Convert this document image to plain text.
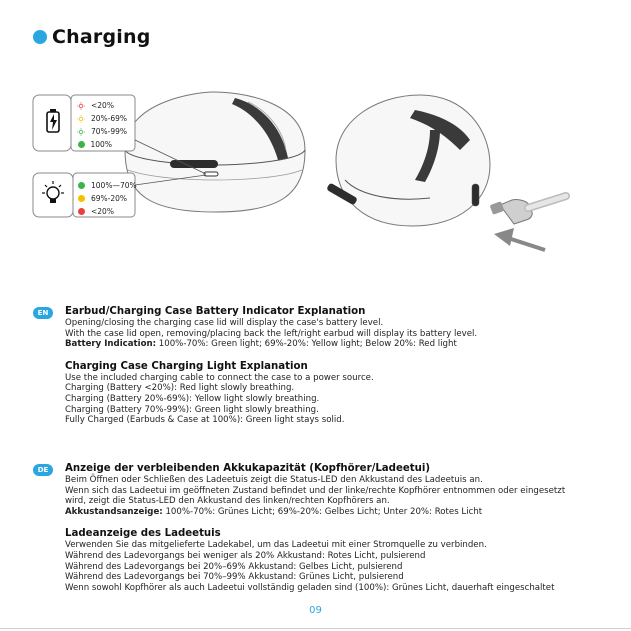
Charging
<20%
20%-69%
70%-99%
100%
100%—70%
69%-20%
<20%
EN	Earbud/Charging Case Battery Indicator Explanation
Opening/closing the charging case lid will display the case's battery level.
With the case lid open, removing/placing back the left/right earbud will display its battery level.
Battery Indication: 100%-70%: Green light; 69%-20%: Yellow light; Below 20%: Red light
Charging Case Charging Light Explanation
Use the included charging cable to connect the case to a power source.
Charging (Battery <20%): Red light slowly breathing.
Charging (Battery 20%-69%): Yellow light slowly breathing.
Charging (Battery 70%-99%): Green light slowly breathing.
Fully Charged (Earbuds & Case at 100%): Green light stays solid.
DE	Anzeige der verbleibenden Akkukapazität (Kopfhörer/Ladeetui)
Beim Öffnen oder Schließen des Ladeetuis zeigt die Status-LED den Akkustand des Ladeetuis an.
Wenn sich das Ladeetui im geöffneten Zustand befindet und der linke/rechte Kopfhörer entnommen oder eingesetzt
wird, zeigt die Status-LED den Akkustand des linken/rechten Kopfhörers an.
Akkustandsanzeige: 100%-70%: Grünes Licht; 69%-20%: Gelbes Licht; Unter 20%: Rotes Licht
Ladeanzeige des Ladeetuis
Verwenden Sie das mitgelieferte Ladekabel, um das Ladeetui mit einer Stromquelle zu verbinden.
Während des Ladevorgangs bei weniger als 20% Akkustand: Rotes Licht, pulsierend
Während des Ladevorgangs bei 20%–69% Akkustand: Gelbes Licht, pulsierend
Während des Ladevorgangs bei 70%–99% Akkustand: Grünes Licht, pulsierend
Wenn sowohl Kopfhörer als auch Ladeetui vollständig geladen sind (100%): Grünes Licht, dauerhaft eingeschaltet
09
